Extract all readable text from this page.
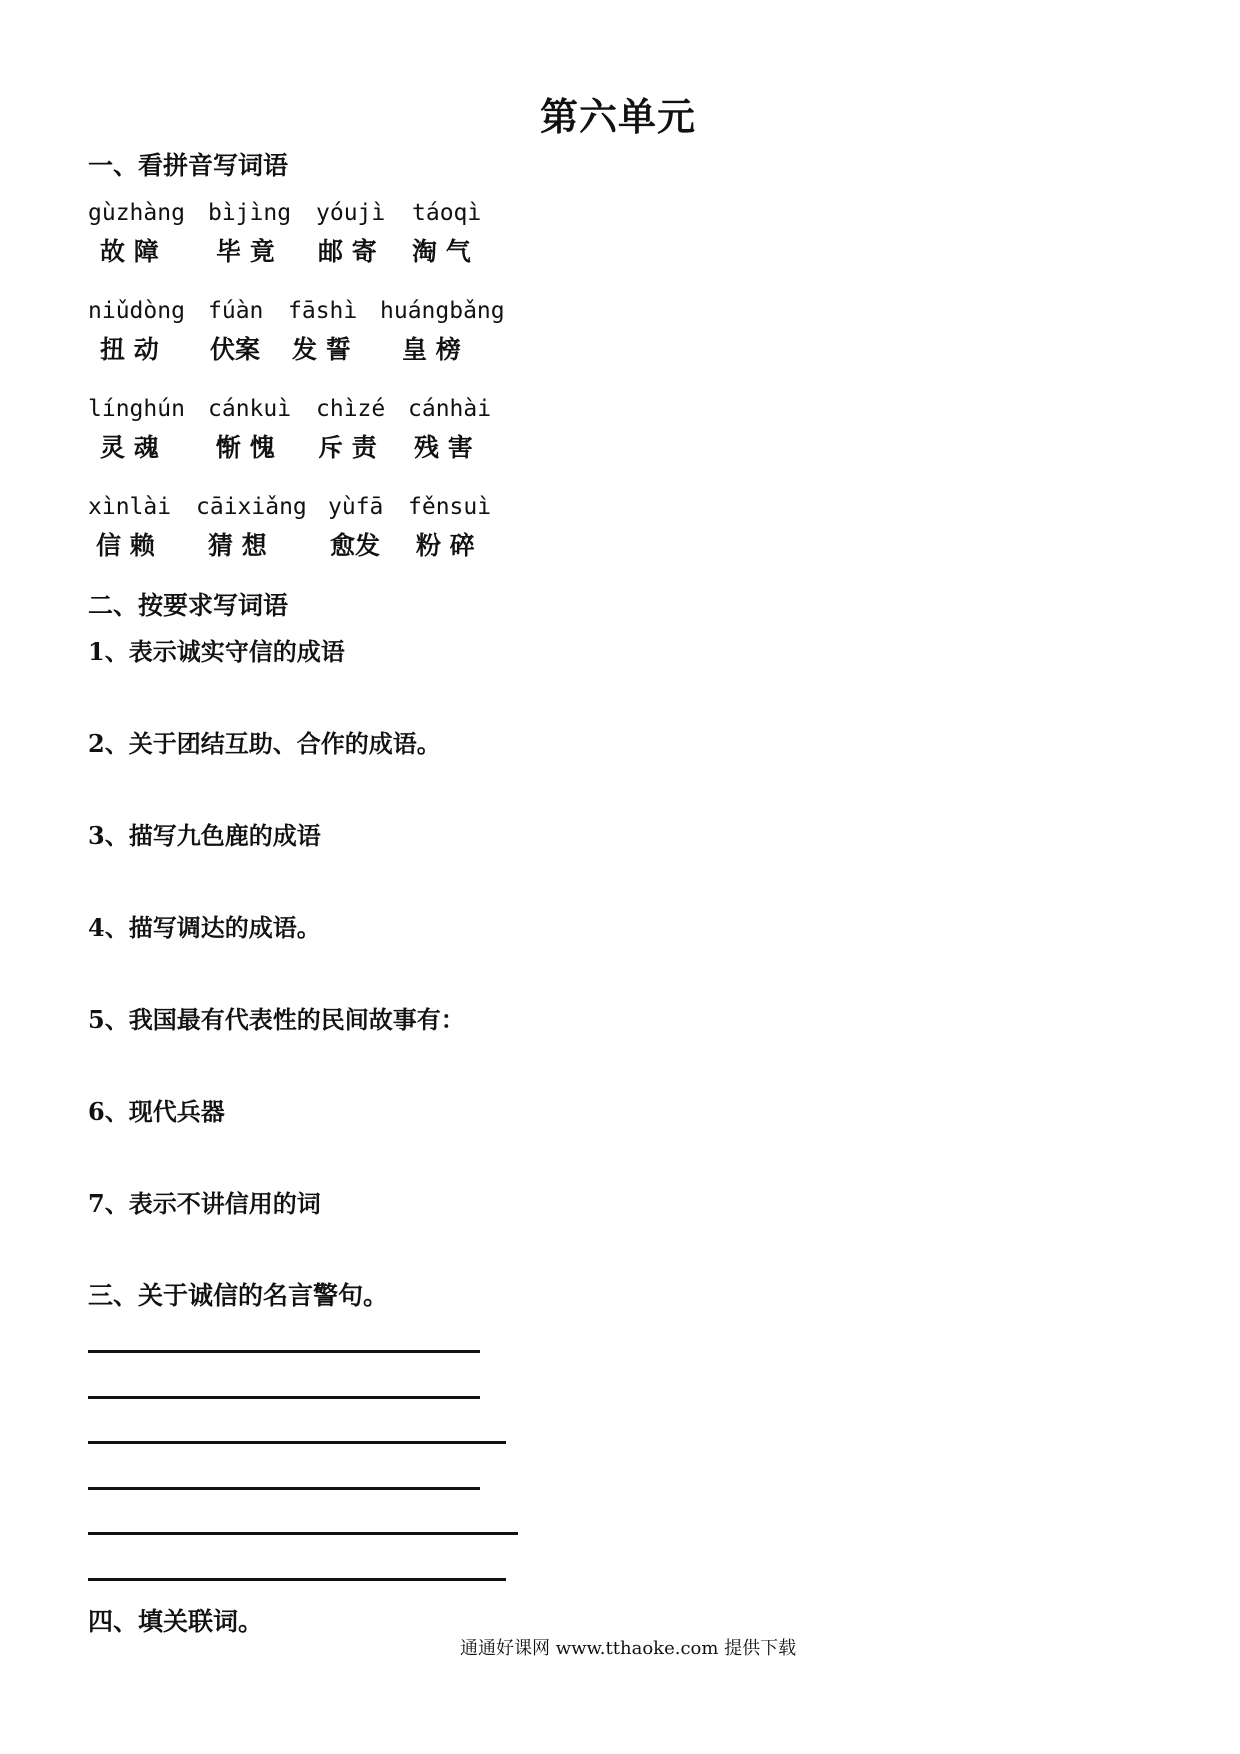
第六单元
一、看拼音写词语
gùzhàng bìjìng yóujì táoqì
故 障 毕 竟 邮 寄 淘 气
niǔdòng fúàn fāshì huángbǎng
扭 动 伏案 发 誓 皇 榜
línghún cánkuì chìzé cánhài
灵 魂 惭 愧 斥 责 残 害
xìnlài cāixiǎng yùfā fěnsuì
信 赖 猜 想	愈发 粉 碎
二、按要求写词语
1、表示诚实守信的成语
2、关于团结互助、合作的成语。
3、描写九色鹿的成语
4、描写调达的成语。
5、我国最有代表性的民间故事有：
6、现代兵器
7、表示不讲信用的词
三、关于诚信的名言警句。
四、填关联词。
通通好课网 www.tthaoke.com 提供下载
